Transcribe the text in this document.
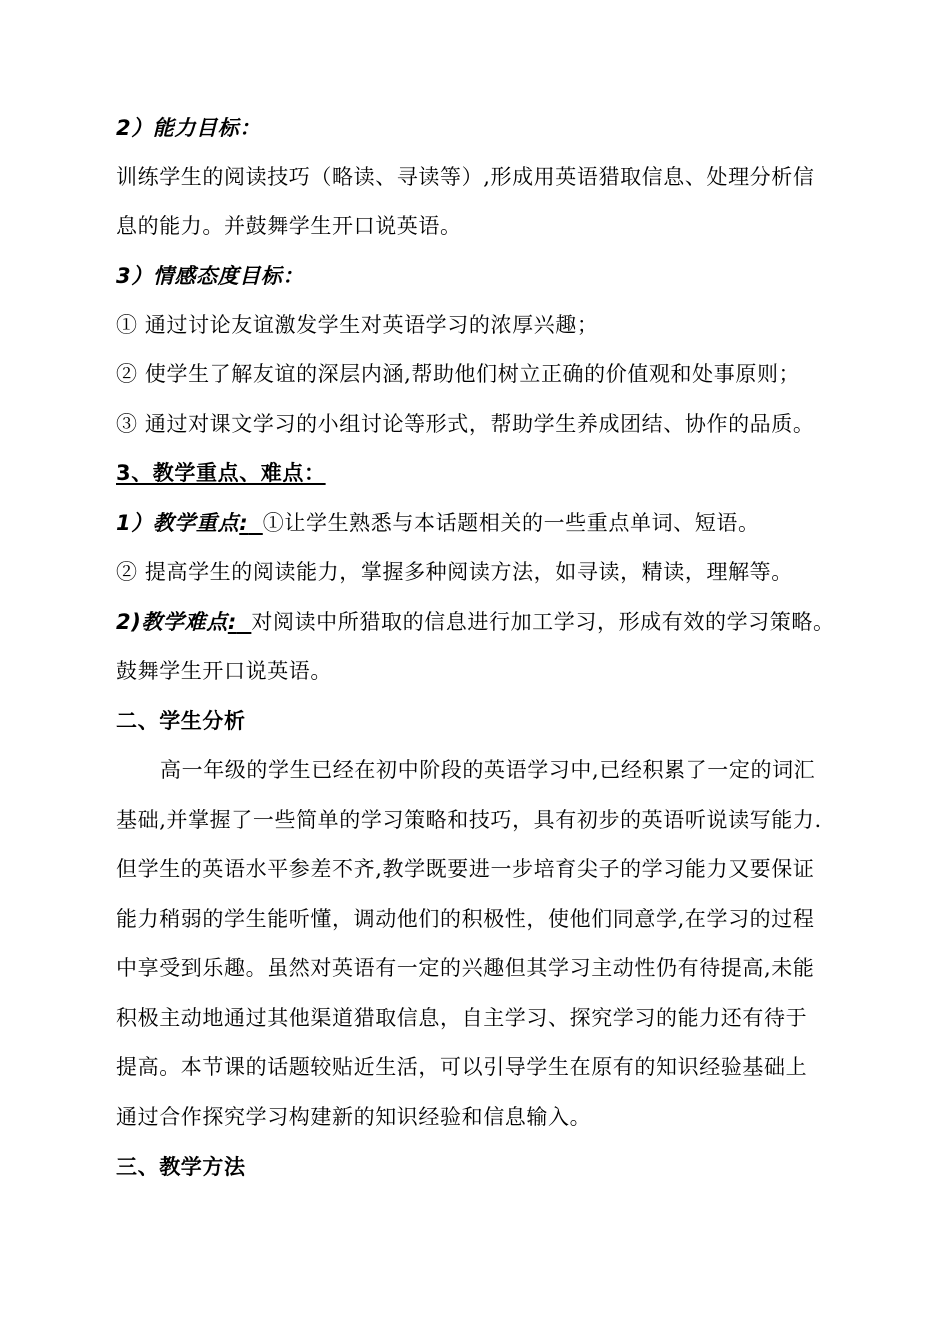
2）能力目标：
训练学生的阅读技巧（略读、寻读等）,形成用英语猎取信息、处理分析信
息的能力。并鼓舞学生开口说英语。
3）情感态度目标：
① 通过讨论友谊激发学生对英语学习的浓厚兴趣；
② 使学生了解友谊的深层内涵,帮助他们树立正确的价值观和处事原则；
③ 通过对课文学习的小组讨论等形式，帮助学生养成团结、协作的品质。
3、教学重点、难点：
1）教学重点: ①让学生熟悉与本话题相关的一些重点单词、短语。
② 提高学生的阅读能力，掌握多种阅读方法，如寻读，精读，理解等。
2)教学难点: 对阅读中所猎取的信息进行加工学习，形成有效的学习策略。
鼓舞学生开口说英语。
二、学生分析
高一年级的学生已经在初中阶段的英语学习中,已经积累了一定的词汇
基础,并掌握了一些简单的学习策略和技巧，具有初步的英语听说读写能力.
但学生的英语水平参差不齐,教学既要进一步培育尖子的学习能力又要保证
能力稍弱的学生能听懂，调动他们的积极性，使他们同意学,在学习的过程
中享受到乐趣。虽然对英语有一定的兴趣但其学习主动性仍有待提高,未能
积极主动地通过其他渠道猎取信息，自主学习、探究学习的能力还有待于
提高。本节课的话题较贴近生活，可以引导学生在原有的知识经验基础上
通过合作探究学习构建新的知识经验和信息输入。
三、教学方法
